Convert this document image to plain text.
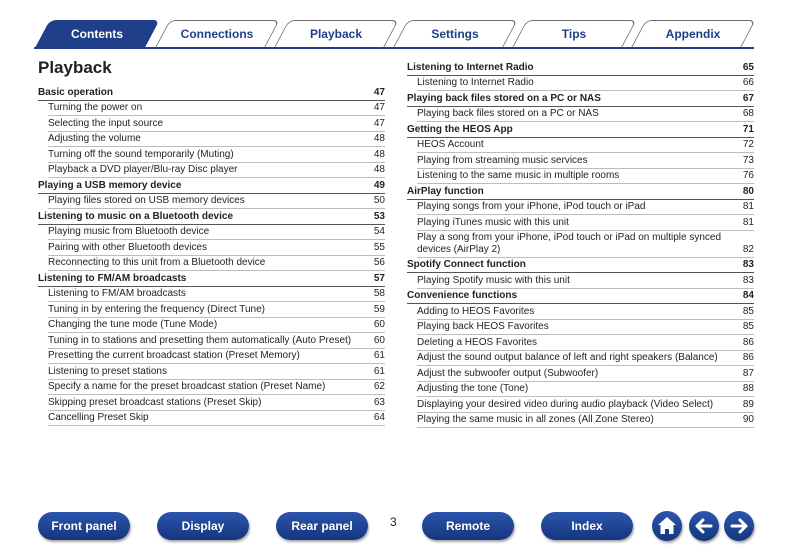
Contents	Connections	Playback	Settings	Tips	Appendix
Playback
Basic operation	47
Turning the power on	47
Selecting the input source	47
Adjusting the volume	48
Turning off the sound temporarily (Muting)	48
Playback a DVD player/Blu-ray Disc player	48
Playing a USB memory device	49
Playing files stored on USB memory devices	50
Listening to music on a Bluetooth device	53
Playing music from Bluetooth device	54
Pairing with other Bluetooth devices	55
Reconnecting to this unit from a Bluetooth device	56
Listening to FM/AM broadcasts	57
Listening to FM/AM broadcasts	58
Tuning in by entering the frequency (Direct Tune)	59
Changing the tune mode (Tune Mode)	60
Tuning in to stations and presetting them automatically (Auto Preset)	60
Presetting the current broadcast station (Preset Memory)	61
Listening to preset stations	61
Specify a name for the preset broadcast station (Preset Name)	62
Skipping preset broadcast stations (Preset Skip)	63
Cancelling Preset Skip	64
Listening to Internet Radio	65
Listening to Internet Radio	66
Playing back files stored on a PC or NAS	67
Playing back files stored on a PC or NAS	68
Getting the HEOS App	71
HEOS Account	72
Playing from streaming music services	73
Listening to the same music in multiple rooms	76
AirPlay function	80
Playing songs from your iPhone, iPod touch or iPad	81
Playing iTunes music with this unit	81
Play a song from your iPhone, iPod touch or iPad on multiple synced devices (AirPlay 2)	82
Spotify Connect function	83
Playing Spotify music with this unit	83
Convenience functions	84
Adding to HEOS Favorites	85
Playing back HEOS Favorites	85
Deleting a HEOS Favorites	86
Adjust the sound output balance of left and right speakers (Balance)	86
Adjust the subwoofer output (Subwoofer)	87
Adjusting the tone (Tone)	88
Displaying your desired video during audio playback (Video Select)	89
Playing the same music in all zones (All Zone Stereo)	90
Front panel	Display	Rear panel	3	Remote	Index
